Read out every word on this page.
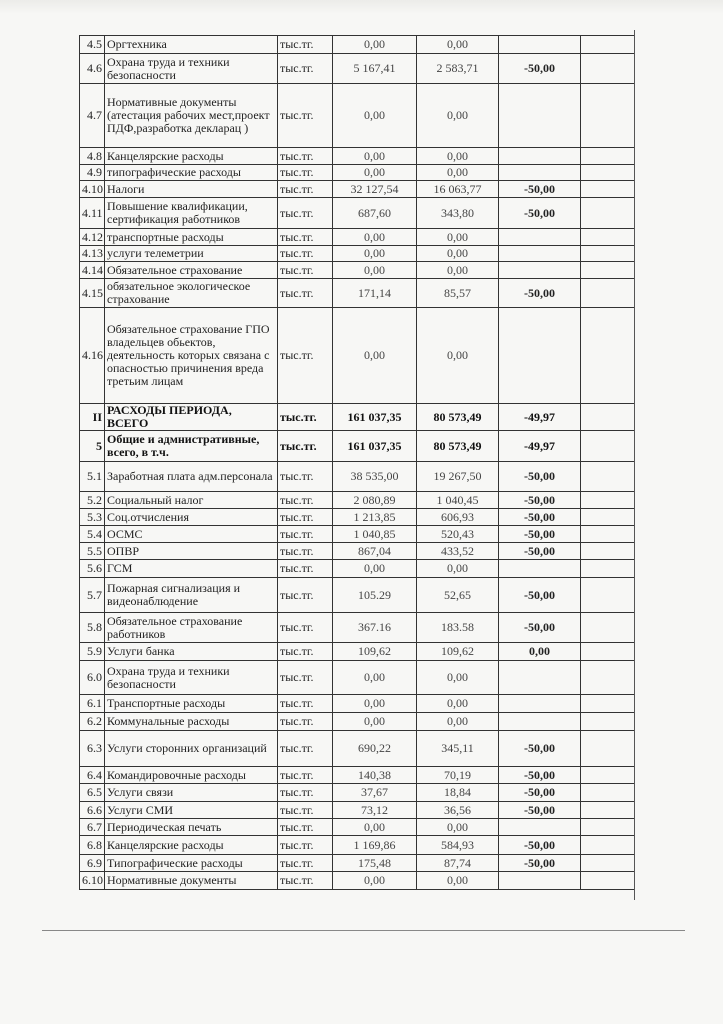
4.5	Оргтехника	тыс.тг.	0,00	0,00		
4.6	Охрана труда и техники безопасности	тыс.тг.	5 167,41	2 583,71	-50,00	
4.7	Нормативные документы (атестация рабочих мест,проект ПДФ,разработка декларац )	тыс.тг.	0,00	0,00		
4.8	Канцелярские расходы	тыс.тг.	0,00	0,00		
4.9	типографические расходы	тыс.тг.	0,00	0,00		
4.10	Налоги	тыс.тг.	32 127,54	16 063,77	-50,00	
4.11	Повышение квалификации, сертификация работников	тыс.тг.	687,60	343,80	-50,00	
4.12	транспортные расходы	тыс.тг.	0,00	0,00		
4.13	услуги телеметрии	тыс.тг.	0,00	0,00		
4.14	Обязательное страхование	тыс.тг.	0,00	0,00		
4.15	обязательное экологическое страхование	тыс.тг.	171,14	85,57	-50,00	
4.16	Обязательное страхование ГПО владельцев обьектов, деятельность которых связана с опасностью причинения вреда третьим лицам	тыс.тг.	0,00	0,00		
II	РАСХОДЫ ПЕРИОДА, ВСЕГО	тыс.тг.	161 037,35	80 573,49	-49,97	
5	Общие и адмнистративные, всего, в т.ч.	тыс.тг.	161 037,35	80 573,49	-49,97	
5.1	Заработная плата адм.персонала	тыс.тг.	38 535,00	19 267,50	-50,00	
5.2	Социальный налог	тыс.тг.	2 080,89	1 040,45	-50,00	
5.3	Соц.отчисления	тыс.тг.	1 213,85	606,93	-50,00	
5.4	ОСМС	тыс.тг.	1 040,85	520,43	-50,00	
5.5	ОПВР	тыс.тг.	867,04	433,52	-50,00	
5.6	ГСМ	тыс.тг.	0,00	0,00		
5.7	Пожарная сигнализация и видеонаблюдение	тыс.тг.	105.29	52,65	-50,00	
5.8	Обязательное страхование работников	тыс.тг.	367.16	183.58	-50,00	
5.9	Услуги банка	тыс.тг.	109,62	109,62	0,00	
6.0	Охрана труда и техники безопасности	тыс.тг.	0,00	0,00		
6.1	Транспортные расходы	тыс.тг.	0,00	0,00		
6.2	Коммунальные расходы	тыс.тг.	0,00	0,00		
6.3	Услуги сторонних организаций	тыс.тг.	690,22	345,11	-50,00	
6.4	Командировочные расходы	тыс.тг.	140,38	70,19	-50,00	
6.5	Услуги связи	тыс.тг.	37,67	18,84	-50,00	
6.6	Услуги СМИ	тыс.тг.	73,12	36,56	-50,00	
6.7	Периодическая печать	тыс.тг.	0,00	0,00		
6.8	Канцелярские расходы	тыс.тг.	1 169,86	584,93	-50,00	
6.9	Типографические расходы	тыс.тг.	175,48	87,74	-50,00	
6.10	Нормативные документы	тыс.тг.	0,00	0,00		
